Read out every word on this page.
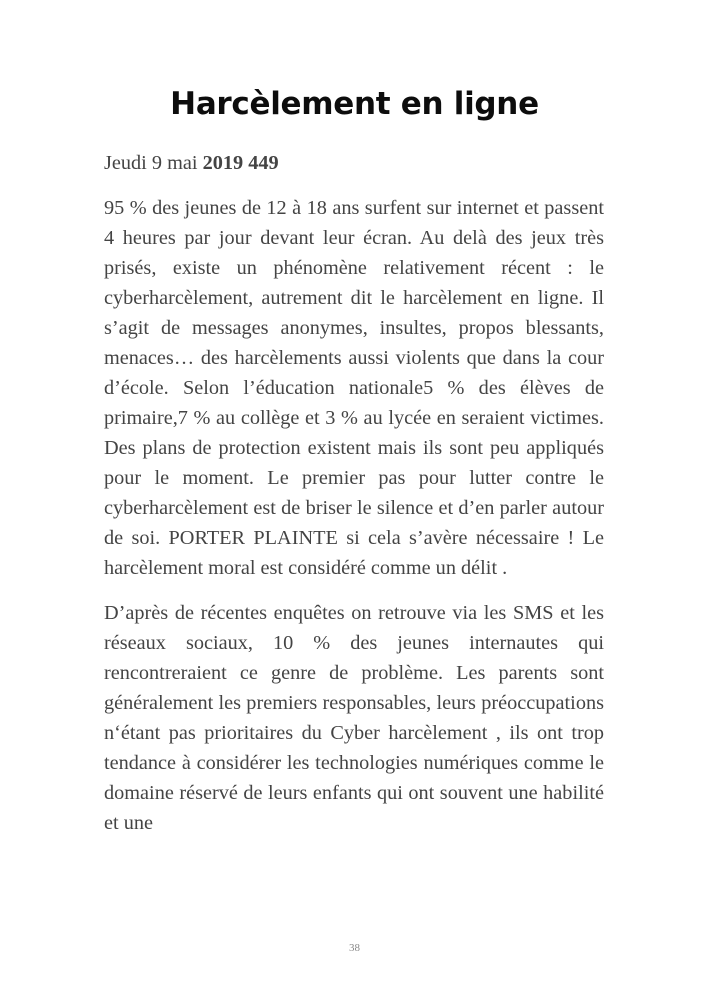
Harcèlement en ligne

Jeudi 9 mai 2019 449

95 % des jeunes de 12 à 18 ans surfent sur internet et passent 4 heures par jour devant leur écran. Au delà des jeux très prisés, existe un phénomène relativement récent : le cyberharcèlement, autrement dit le harcèlement en ligne. Il s’agit de messages anonymes, insultes, propos blessants, menaces… des harcèlements aussi violents que dans la cour d’école. Selon l’éducation nationale5 % des élèves de primaire,7 % au collège et 3 % au lycée en seraient victimes. Des plans de protection existent mais ils sont peu appliqués pour le moment. Le premier pas pour lutter contre le cyberharcèlement est de briser le silence et d’en parler autour de soi. PORTER PLAINTE si cela s’avère nécessaire ! Le harcèlement moral est considéré comme un délit .

D’après de récentes enquêtes on retrouve via les SMS et les réseaux sociaux, 10 % des jeunes internautes qui rencontreraient ce genre de problème. Les parents sont généralement les premiers responsables, leurs préoccupations n‘étant pas prioritaires du Cyber harcèlement , ils ont trop tendance à considérer les technologies numériques comme le domaine réservé de leurs enfants qui ont souvent une habilité et une

38
